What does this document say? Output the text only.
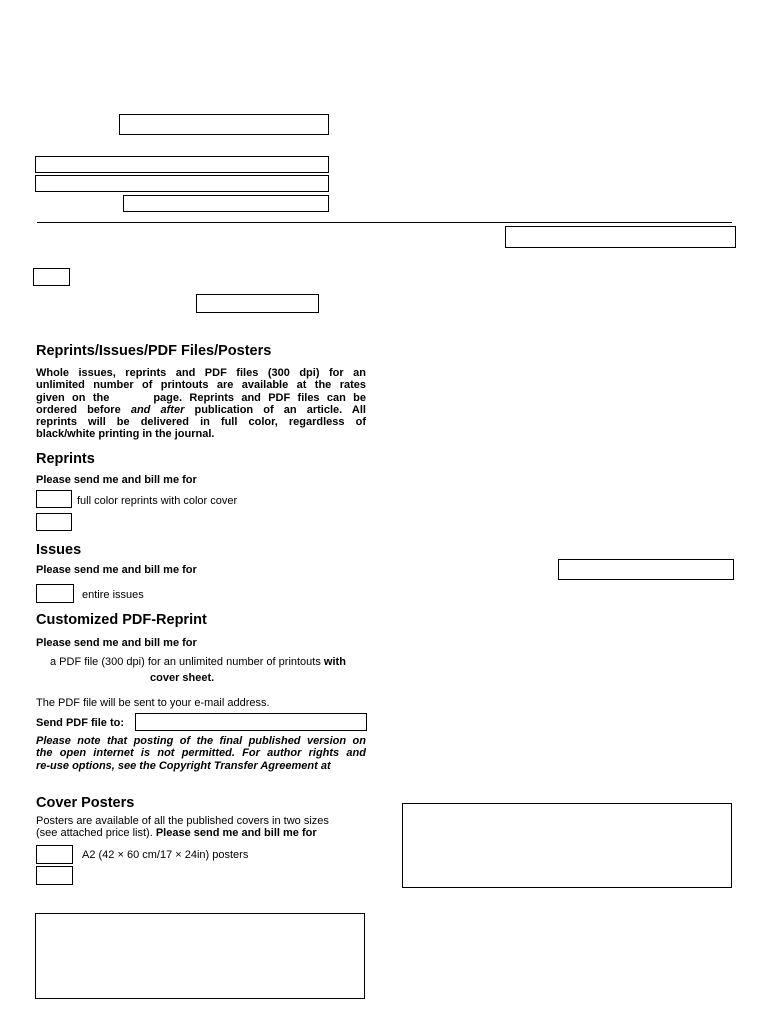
Reprints/Issues/PDF Files/Posters
Whole issues, reprints and PDF files (300 dpi) for an
unlimited number of printouts are available at the rates
given on the	page. Reprints and PDF files can be
ordered before and after publication of an article. All
reprints will be delivered in full color, regardless of
black/white printing in the journal.
Reprints
Please send me and bill me for
full color reprints with color cover
Issues
Please send me and bill me for
entire issues
Customized PDF-Reprint
Please send me and bill me for
a PDF file (300 dpi) for an unlimited number of printouts with
cover sheet.
The PDF file will be sent to your e-mail address.
Send PDF file to:
Please note that posting of the final published version on
the open internet is not permitted. For author rights and
re-use options, see the Copyright Transfer Agreement at
Cover Posters
Posters are available of all the published covers in two sizes
(see attached price list). Please send me and bill me for
A2 (42 × 60 cm/17 × 24in) posters
